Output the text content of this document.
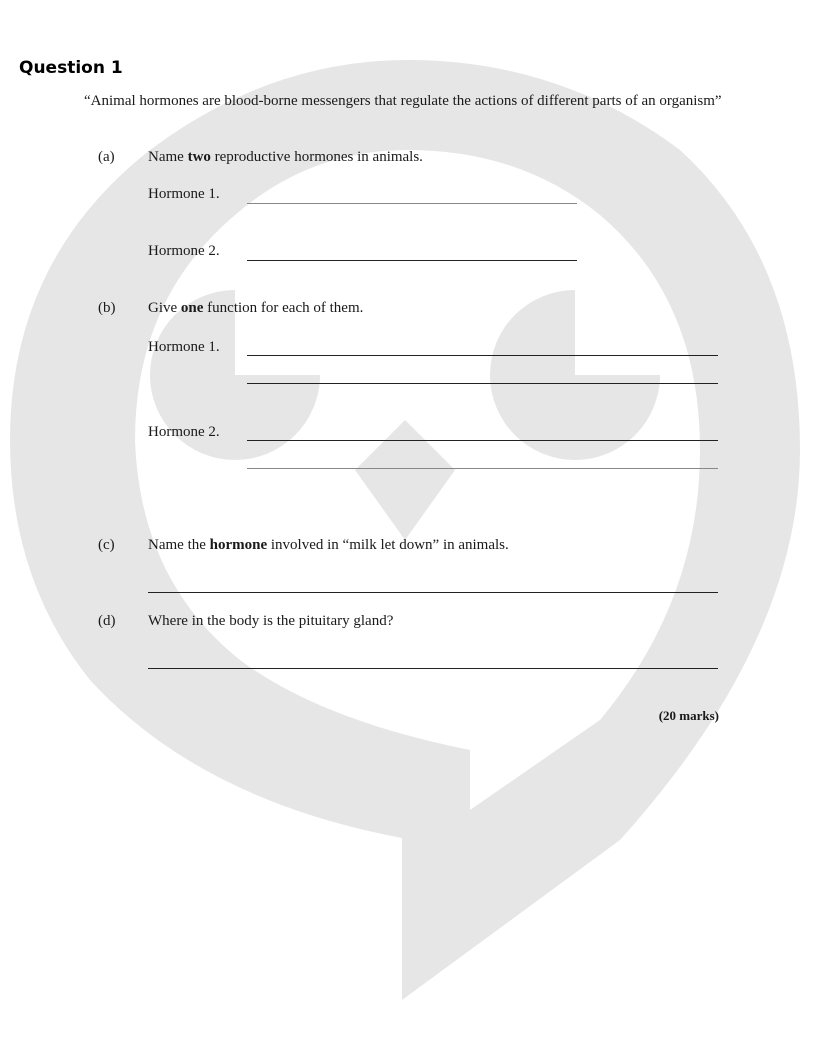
Question 1
“Animal hormones are blood-borne messengers that regulate the actions of different parts of an organism”
(a) Name two reproductive hormones in animals.
Hormone 1.
Hormone 2.
(b) Give one function for each of them.
Hormone 1.
Hormone 2.
(c) Name the hormone involved in “milk let down” in animals.
(d) Where in the body is the pituitary gland?
(20 marks)
